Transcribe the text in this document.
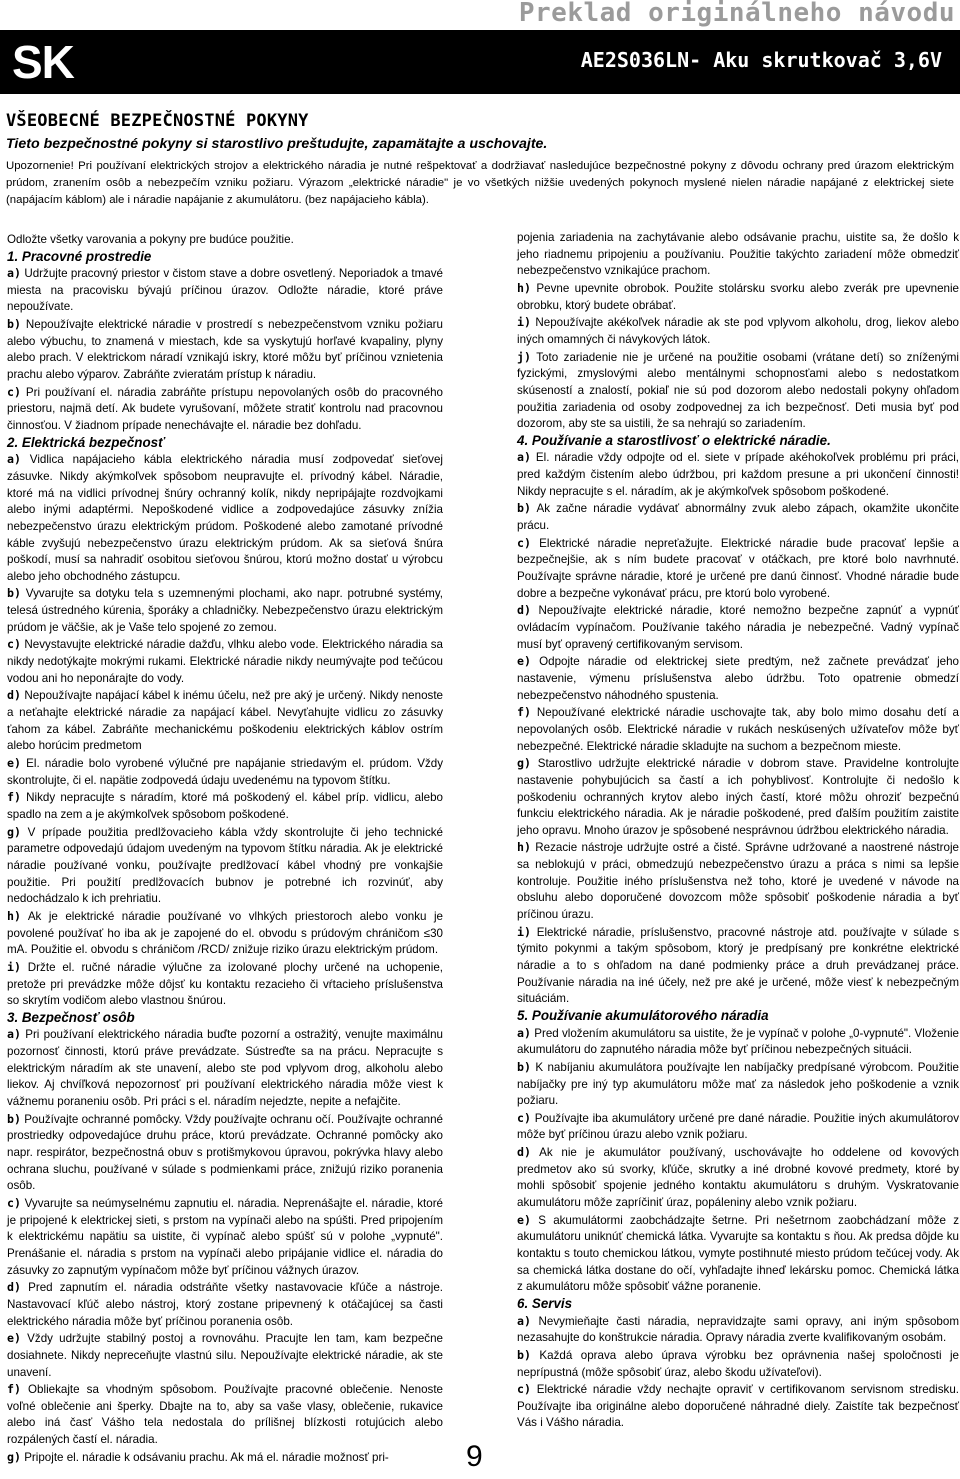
Preklad originálneho návodu
SK	AE2S036LN- Aku skrutkovač 3,6V
VŠEOBECNÉ BEZPEČNOSTNÉ POKYNY
Tieto bezpečnostné pokyny si starostlivo preštudujte, zapamätajte a uschovajte.

Upozornenie! Pri používaní elektrických strojov a elektrického náradia je nutné rešpektovať a dodržiavať nasledujúce bezpečnostné pokyny z dôvodu ochrany pred úrazom elektrickým prúdom, zranením osôb a nebezpečím vzniku požiaru. Výrazom „elektrické náradie" je vo všetkých nižšie uvedených pokynoch myslené nielen náradie napájané z elektrickej siete (napájacím káblom) ale i náradie napájanie z akumulátoru. (bez napájacieho kábla).

Odložte všetky varovania a pokyny pre budúce použitie.

1. Pracovné prostredie

a) Udržujte pracovný priestor v čistom stave a dobre osvetlený. Neporiadok a tmavé miesta na pracovisku bývajú príčinou úrazov. Odložte náradie, ktoré práve nepoužívate.

b) Nepoužívajte elektrické náradie v prostredí s nebezpečenstvom vzniku požiaru alebo výbuchu, to znamená v miestach, kde sa vyskytujú horľavé kvapaliny, plyny alebo prach. V elektrickom náradí vznikajú iskry, ktoré môžu byť príčinou vznietenia prachu alebo výparov. Zabráňte zvieratám prístup k náradiu.

c) Pri používaní el. náradia zabráňte prístupu nepovolaných osôb do pracovného priestoru, najmä detí. Ak budete vyrušovaní, môžete stratiť kontrolu nad pracovnou činnosťou. V žiadnom prípade nenechávajte el. náradie bez dohľadu.

2. Elektrická bezpečnosť

a) Vidlica napájacieho kábla elektrického náradia musí zodpovedať sieťovej zásuvke. Nikdy akýmkoľvek spôsobom neupravujte el. prívodný kábel. Náradie, ktoré má na vidlici prívodnej šnúry ochranný kolík, nikdy nepripájajte rozdvojkami alebo inými adaptérmi. Nepoškodené vidlice a zodpovedajúce zásuvky znížia nebezpečenstvo úrazu elektrickým prúdom. Poškodené alebo zamotané prívodné káble zvyšujú nebezpečenstvo úrazu elektrickým prúdom. Ak sa sieťová šnúra poškodí, musí sa nahradiť osobitou sieťovou šnúrou, ktorú možno dostať u výrobcu alebo jeho obchodného zástupcu.

b) Vyvarujte sa dotyku tela s uzemnenými plochami, ako napr. potrubné systémy, telesá ústredného kúrenia, šporáky a chladničky. Nebezpečenstvo úrazu elektrickým prúdom je väčšie, ak je Vaše telo spojené zo zemou.

c) Nevystavujte elektrické náradie dažďu, vlhku alebo vode. Elektrického náradia sa nikdy nedotýkajte mokrými rukami. Elektrické náradie nikdy neumývajte pod tečúcou vodou ani ho neponárajte do vody.

d) Nepoužívajte napájací kábel k inému účelu, než pre aký je určený. Nikdy nenoste a neťahajte elektrické náradie za napájací kábel. Nevyťahujte vidlicu zo zásuvky ťahom za kábel. Zabráňte mechanickému poškodeniu elektrických káblov ostrím alebo horúcim predmetom

e) El. náradie bolo vyrobené výlučné pre napájanie striedavým el. prúdom. Vždy skontrolujte, či el. napätie zodpovedá údaju uvedenému na typovom štítku.

f) Nikdy nepracujte s náradím, ktoré má poškodený el. kábel príp. vidlicu, alebo spadlo na zem a je akýmkoľvek spôsobom poškodené.

g) V prípade použitia predlžovacieho kábla vždy skontrolujte či jeho technické parametre odpovedajú údajom uvedeným na typovom štítku náradia. Ak je elektrické náradie používané vonku, používajte predlžovací kábel vhodný pre vonkajšie použitie. Pri použití predlžovacích bubnov je potrebné ich rozvinúť, aby nedochádzalo k ich prehriatiu.

h) Ak je elektrické náradie používané vo vlhkých priestoroch alebo vonku je povolené používať ho iba ak je zapojené do el. obvodu s prúdovým chráničom ≤30 mA. Použitie el. obvodu s chráničom /RCD/ znižuje riziko úrazu elektrickým prúdom.

i) Držte el. ručné náradie výlučne za izolované plochy určené na uchopenie, pretože pri prevádzke môže dôjsť ku kontaktu rezacieho či vŕtacieho príslušenstva so skrytím vodičom alebo vlastnou šnúrou.

3. Bezpečnosť osôb

a) Pri používaní elektrického náradia buďte pozorní a ostražitý, venujte maximálnu pozornosť činnosti, ktorú práve prevádzate. Sústreďte sa na prácu. Nepracujte s elektrickým náradím ak ste unavení, alebo ste pod vplyvom drog, alkoholu alebo liekov. Aj chvíľková nepozornosť pri používaní elektrického náradia môže viest k vážnemu poraneniu osôb. Pri práci s el. náradím nejedzte, nepite a nefajčite.

b) Používajte ochranné pomôcky. Vždy používajte ochranu očí. Používajte ochranné prostriedky odpovedajúce druhu práce, ktorú prevádzate. Ochranné pomôcky ako napr. respirátor, bezpečnostná obuv s protišmykovou úpravou, pokrývka hlavy alebo ochrana sluchu, používané v súlade s podmienkami práce, znižujú riziko poranenia osôb.

c) Vyvarujte sa neúmyselnému zapnutiu el. náradia. Neprenášajte el. náradie, ktoré je pripojené k elektrickej sieti, s prstom na vypínači alebo na spúšti. Pred pripojením k elektrickému napätiu sa uistite, či vypínač alebo spúšť sú v polohe „vypnuté". Prenášanie el. náradia s prstom na vypínači alebo pripájanie vidlice el. náradia do zásuvky zo zapnutým vypínačom môže byť príčinou vážnych úrazov.

d) Pred zapnutím el. náradia odstráňte všetky nastavovacie kľúče a nástroje. Nastavovací kľúč alebo nástroj, ktorý zostane pripevnený k otáčajúcej sa časti elektrického náradia môže byť príčinou poranenia osôb.

e) Vždy udržujte stabilný postoj a rovnováhu. Pracujte len tam, kam bezpečne dosiahnete. Nikdy nepreceňujte vlastnú silu. Nepoužívajte elektrické náradie, ak ste unavení.

f) Obliekajte sa vhodným spôsobom. Používajte pracovné oblečenie. Nenoste voľné oblečenie ani šperky. Dbajte na to, aby sa vaše vlasy, oblečenie, rukavice alebo iná časť Vášho tela nedostala do prílišnej blízkosti rotujúcich alebo rozpálených častí el. náradia.

g) Pripojte el. náradie k odsávaniu prachu. Ak má el. náradie možnosť pri-

pojenia zariadenia na zachytávanie alebo odsávanie prachu, uistite sa, že došlo k jeho riadnemu pripojeniu a používaniu. Použitie takýchto zariadení môže obmedziť nebezpečenstvo vznikajúce prachom.

h) Pevne upevnite obrobok. Použite stolársku svorku alebo zverák pre upevnenie obrobku, ktorý budete obrábať.

i) Nepoužívajte akékoľvek náradie ak ste pod vplyvom alkoholu, drog, liekov alebo iných omamných či návykových látok.

j) Toto zariadenie nie je určené na použitie osobami (vrátane detí) so zníženými fyzickými, zmyslovými alebo mentálnymi schopnosťami alebo s nedostatkom skúseností a znalostí, pokiaľ nie sú pod dozorom alebo nedostali pokyny ohľadom použitia zariadenia od osoby zodpovednej za ich bezpečnosť. Deti musia byť pod dozorom, aby ste sa uistili, že sa nehrajú so zariadením.

4. Používanie a starostlivosť o elektrické náradie.

a) El. náradie vždy odpojte od el. siete v prípade akéhokoľvek problému pri práci, pred každým čistením alebo údržbou, pri každom presune a pri ukončení činnosti! Nikdy nepracujte s el. náradím, ak je akýmkoľvek spôsobom poškodené.

b) Ak začne náradie vydávať abnormálny zvuk alebo zápach, okamžite ukončite prácu.

c) Elektrické náradie nepreťažujte. Elektrické náradie bude pracovať lepšie a bezpečnejšie, ak s ním budete pracovať v otáčkach, pre ktoré bolo navrhnuté. Používajte správne náradie, ktoré je určené pre danú činnosť. Vhodné náradie bude dobre a bezpečne vykonávať prácu, pre ktorú bolo vyrobené.

d) Nepoužívajte elektrické náradie, ktoré nemožno bezpečne zapnúť a vypnúť ovládacím vypínačom. Používanie takého náradia je nebezpečné. Vadný vypínač musí byť opravený certifikovaným servisom.

e) Odpojte náradie od elektrickej siete predtým, než začnete prevádzať jeho nastavenie, výmenu príslušenstva alebo údržbu. Toto opatrenie obmedzí nebezpečenstvo náhodného spustenia.

f) Nepoužívané elektrické náradie uschovajte tak, aby bolo mimo dosahu detí a nepovolaných osôb. Elektrické náradie v rukách neskúsených užívateľov môže byť nebezpečné. Elektrické náradie skladujte na suchom a bezpečnom mieste.

g) Starostlivo udržujte elektrické náradie v dobrom stave. Pravidelne kontrolujte nastavenie pohybujúcich sa častí a ich pohyblivosť. Kontrolujte či nedošlo k poškodeniu ochranných krytov alebo iných častí, ktoré môžu ohroziť bezpečnú funkciu elektrického náradia. Ak je náradie poškodené, pred ďalším použitím zaistite jeho opravu. Mnoho úrazov je spôsobené nesprávnou údržbou elektrického náradia.

h) Rezacie nástroje udržujte ostré a čisté. Správne udržované a naostrené nástroje sa neblokujú v práci, obmedzujú nebezpečenstvo úrazu a práca s nimi sa lepšie kontroluje. Použitie iného príslušenstva než toho, ktoré je uvedené v návode na obsluhu alebo doporučené dovozcom môže spôsobiť poškodenie náradia a byť príčinou úrazu.

i) Elektrické náradie, príslušenstvo, pracovné nástroje atd. používajte v súlade s týmito pokynmi a takým spôsobom, ktorý je predpísaný pre konkrétne elektrické náradie a to s ohľadom na dané podmienky práce a druh prevádzanej práce. Používanie náradia na iné účely, než pre aké je určené, môže viesť k nebezpečným situáciám.

5. Používanie akumulátorového náradia

a) Pred vložením akumulátoru sa uistite, že je vypínač v polohe „0-vypnuté". Vloženie akumulátoru do zapnutého náradia môže byť príčinou nebezpečných situácii.

b) K nabíjaniu akumulátora používajte len nabíjačky predpísané výrobcom. Použitie nabíjačky pre iný typ akumulátoru môže mať za následok jeho poškodenie a vznik požiaru.

c) Používajte iba akumulátory určené pre dané náradie. Použitie iných akumulátorov môže byť príčinou úrazu alebo vznik požiaru.

d) Ak nie je akumulátor používaný, uschovávajte ho oddelene od kovových predmetov ako sú svorky, kľúče, skrutky a iné drobné kovové predmety, ktoré by mohli spôsobiť spojenie jedného kontaktu akumulátoru s druhým. Vyskratovanie akumulátoru môže zapríčiniť úraz, popáleniny alebo vznik požiaru.

e) S akumulátormi zaobchádzajte šetrne. Pri nešetrnom zaobchádzaní môže z akumulátoru uniknúť chemická látka. Vyvarujte sa kontaktu s ňou. Ak predsa dôjde ku kontaktu s touto chemickou látkou, vymyte postihnuté miesto prúdom tečúcej vody. Ak sa chemická látka dostane do očí, vyhľadajte ihneď lekársku pomoc. Chemická látka z akumulátoru môže spôsobiť vážne poranenie.

6. Servis

a) Nevymieňajte časti náradia, nepravidzajte sami opravy, ani iným spôsobom nezasahujte do konštrukcie náradia. Opravy náradia zverte kvalifikovaným osobám.

b) Každá oprava alebo úprava výrobku bez oprávnenia našej spoločnosti je neprípustná (môže spôsobiť úraz, alebo škodu užívateľovi).

c) Elektrické náradie vždy nechajte opraviť v certifikovanom servisnom stredisku. Používajte iba originálne alebo doporučené náhradné diely. Zaistíte tak bezpečnosť Vás i Vášho náradia.

9
